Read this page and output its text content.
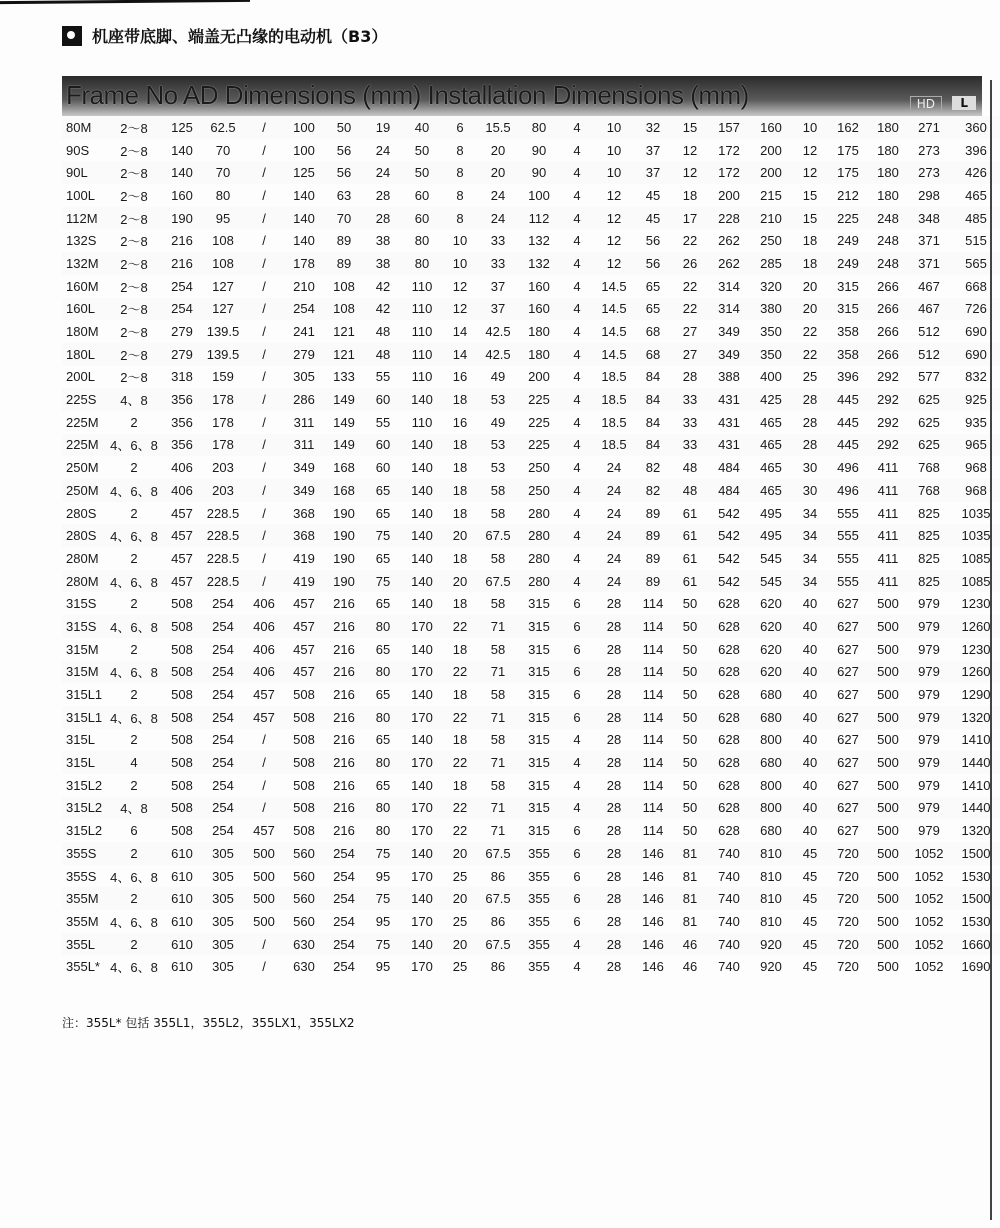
机座带底脚、端盖无凸缘的电动机（B3）
Frame No AD Dimensions (mm) Installation Dimensions (mm)	HD	L
80M	2～8	125	62.5	/	100	50	19	40	6	15.5	80	4	10	32	15	157	160	10	162	180	271	360
90S	2～8	140	70	/	100	56	24	50	8	20	90	4	10	37	12	172	200	12	175	180	273	396
90L	2～8	140	70	/	125	56	24	50	8	20	90	4	10	37	12	172	200	12	175	180	273	426
100L	2～8	160	80	/	140	63	28	60	8	24	100	4	12	45	18	200	215	15	212	180	298	465
112M	2～8	190	95	/	140	70	28	60	8	24	112	4	12	45	17	228	210	15	225	248	348	485
132S	2～8	216	108	/	140	89	38	80	10	33	132	4	12	56	22	262	250	18	249	248	371	515
132M	2～8	216	108	/	178	89	38	80	10	33	132	4	12	56	26	262	285	18	249	248	371	565
160M	2～8	254	127	/	210	108	42	110	12	37	160	4	14.5	65	22	314	320	20	315	266	467	668
160L	2～8	254	127	/	254	108	42	110	12	37	160	4	14.5	65	22	314	380	20	315	266	467	726
180M	2～8	279	139.5	/	241	121	48	110	14	42.5	180	4	14.5	68	27	349	350	22	358	266	512	690
180L	2～8	279	139.5	/	279	121	48	110	14	42.5	180	4	14.5	68	27	349	350	22	358	266	512	690
200L	2～8	318	159	/	305	133	55	110	16	49	200	4	18.5	84	28	388	400	25	396	292	577	832
225S	4、8	356	178	/	286	149	60	140	18	53	225	4	18.5	84	33	431	425	28	445	292	625	925
225M	2	356	178	/	311	149	55	110	16	49	225	4	18.5	84	33	431	465	28	445	292	625	935
225M	4、6、8	356	178	/	311	149	60	140	18	53	225	4	18.5	84	33	431	465	28	445	292	625	965
250M	2	406	203	/	349	168	60	140	18	53	250	4	24	82	48	484	465	30	496	411	768	968
250M	4、6、8	406	203	/	349	168	65	140	18	58	250	4	24	82	48	484	465	30	496	411	768	968
280S	2	457	228.5	/	368	190	65	140	18	58	280	4	24	89	61	542	495	34	555	411	825	1035
280S	4、6、8	457	228.5	/	368	190	75	140	20	67.5	280	4	24	89	61	542	495	34	555	411	825	1035
280M	2	457	228.5	/	419	190	65	140	18	58	280	4	24	89	61	542	545	34	555	411	825	1085
280M	4、6、8	457	228.5	/	419	190	75	140	20	67.5	280	4	24	89	61	542	545	34	555	411	825	1085
315S	2	508	254	406	457	216	65	140	18	58	315	6	28	114	50	628	620	40	627	500	979	1230
315S	4、6、8	508	254	406	457	216	80	170	22	71	315	6	28	114	50	628	620	40	627	500	979	1260
315M	2	508	254	406	457	216	65	140	18	58	315	6	28	114	50	628	620	40	627	500	979	1230
315M	4、6、8	508	254	406	457	216	80	170	22	71	315	6	28	114	50	628	620	40	627	500	979	1260
315L1	2	508	254	457	508	216	65	140	18	58	315	6	28	114	50	628	680	40	627	500	979	1290
315L1	4、6、8	508	254	457	508	216	80	170	22	71	315	6	28	114	50	628	680	40	627	500	979	1320
315L	2	508	254	/	508	216	65	140	18	58	315	4	28	114	50	628	800	40	627	500	979	1410
315L	4	508	254	/	508	216	80	170	22	71	315	4	28	114	50	628	680	40	627	500	979	1440
315L2	2	508	254	/	508	216	65	140	18	58	315	4	28	114	50	628	800	40	627	500	979	1410
315L2	4、8	508	254	/	508	216	80	170	22	71	315	4	28	114	50	628	800	40	627	500	979	1440
315L2	6	508	254	457	508	216	80	170	22	71	315	6	28	114	50	628	680	40	627	500	979	1320
355S	2	610	305	500	560	254	75	140	20	67.5	355	6	28	146	81	740	810	45	720	500	1052	1500
355S	4、6、8	610	305	500	560	254	95	170	25	86	355	6	28	146	81	740	810	45	720	500	1052	1530
355M	2	610	305	500	560	254	75	140	20	67.5	355	6	28	146	81	740	810	45	720	500	1052	1500
355M	4、6、8	610	305	500	560	254	95	170	25	86	355	6	28	146	81	740	810	45	720	500	1052	1530
355L	2	610	305	/	630	254	75	140	20	67.5	355	4	28	146	46	740	920	45	720	500	1052	1660
355L*	4、6、8	610	305	/	630	254	95	170	25	86	355	4	28	146	46	740	920	45	720	500	1052	1690
注：355L* 包括 355L1，355L2，355LX1，355LX2
